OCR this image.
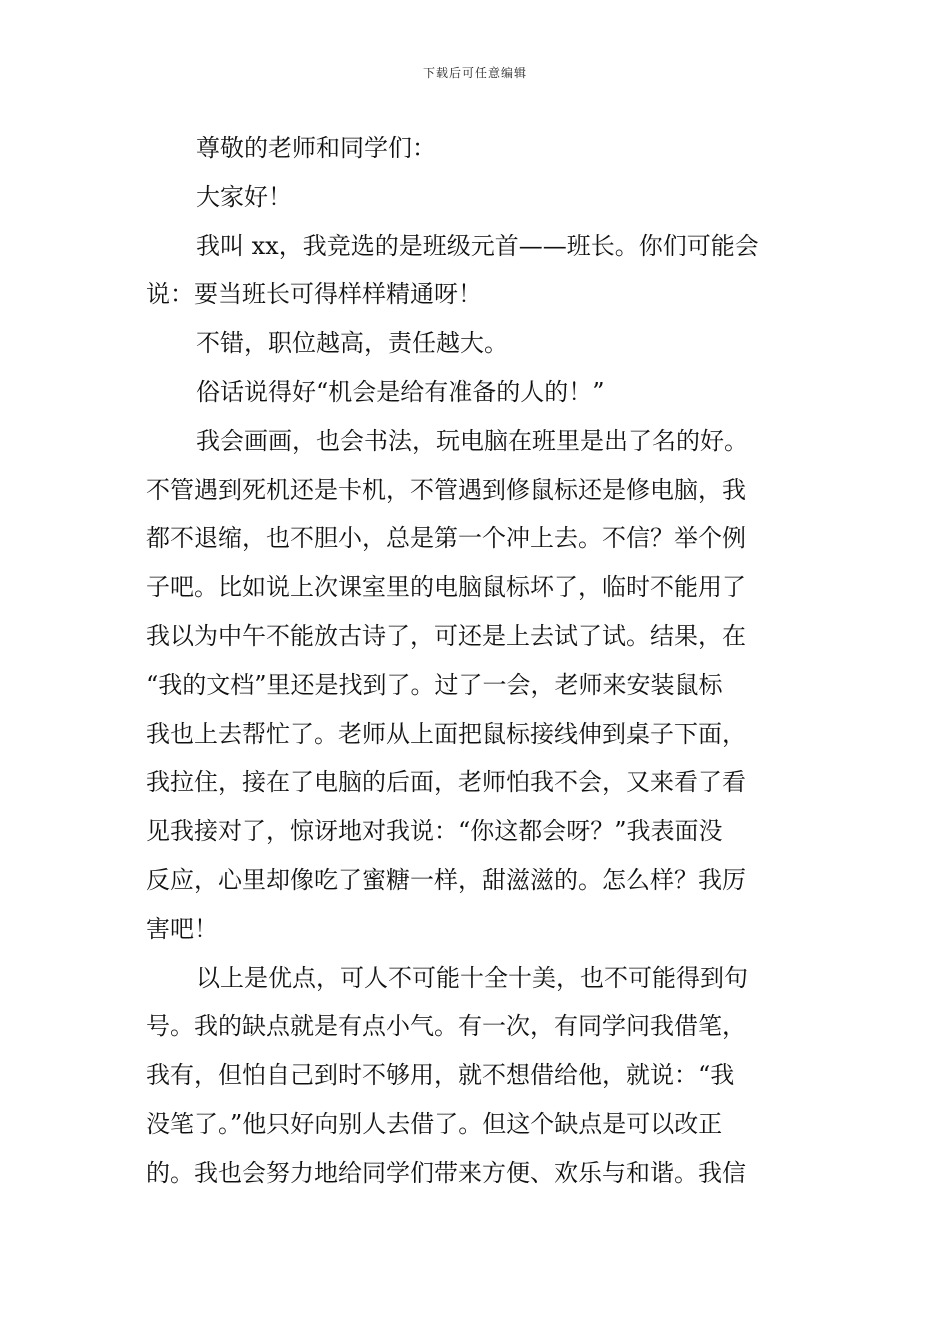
下载后可任意编辑

尊敬的老师和同学们：

大家好！

我叫 xx，我竞选的是班级元首——班长。你们可能会
说：要当班长可得样样精通呀！

不错，职位越高，责任越大。

俗话说得好“机会是给有准备的人的！”

我会画画，也会书法，玩电脑在班里是出了名的好。
不管遇到死机还是卡机，不管遇到修鼠标还是修电脑，我
都不退缩，也不胆小，总是第一个冲上去。不信？举个例
子吧。比如说上次课室里的电脑鼠标坏了，临时不能用了
我以为中午不能放古诗了，可还是上去试了试。结果，在
“我的文档”里还是找到了。过了一会，老师来安装鼠标
我也上去帮忙了。老师从上面把鼠标接线伸到桌子下面，
我拉住，接在了电脑的后面，老师怕我不会，又来看了看
见我接对了，惊讶地对我说：“你这都会呀？”我表面没
反应，心里却像吃了蜜糖一样，甜滋滋的。怎么样？我厉
害吧！

以上是优点，可人不可能十全十美，也不可能得到句
号。我的缺点就是有点小气。有一次，有同学问我借笔，
我有，但怕自己到时不够用，就不想借给他，就说：“我
没笔了。”他只好向别人去借了。但这个缺点是可以改正
的。我也会努力地给同学们带来方便、欢乐与和谐。我信
